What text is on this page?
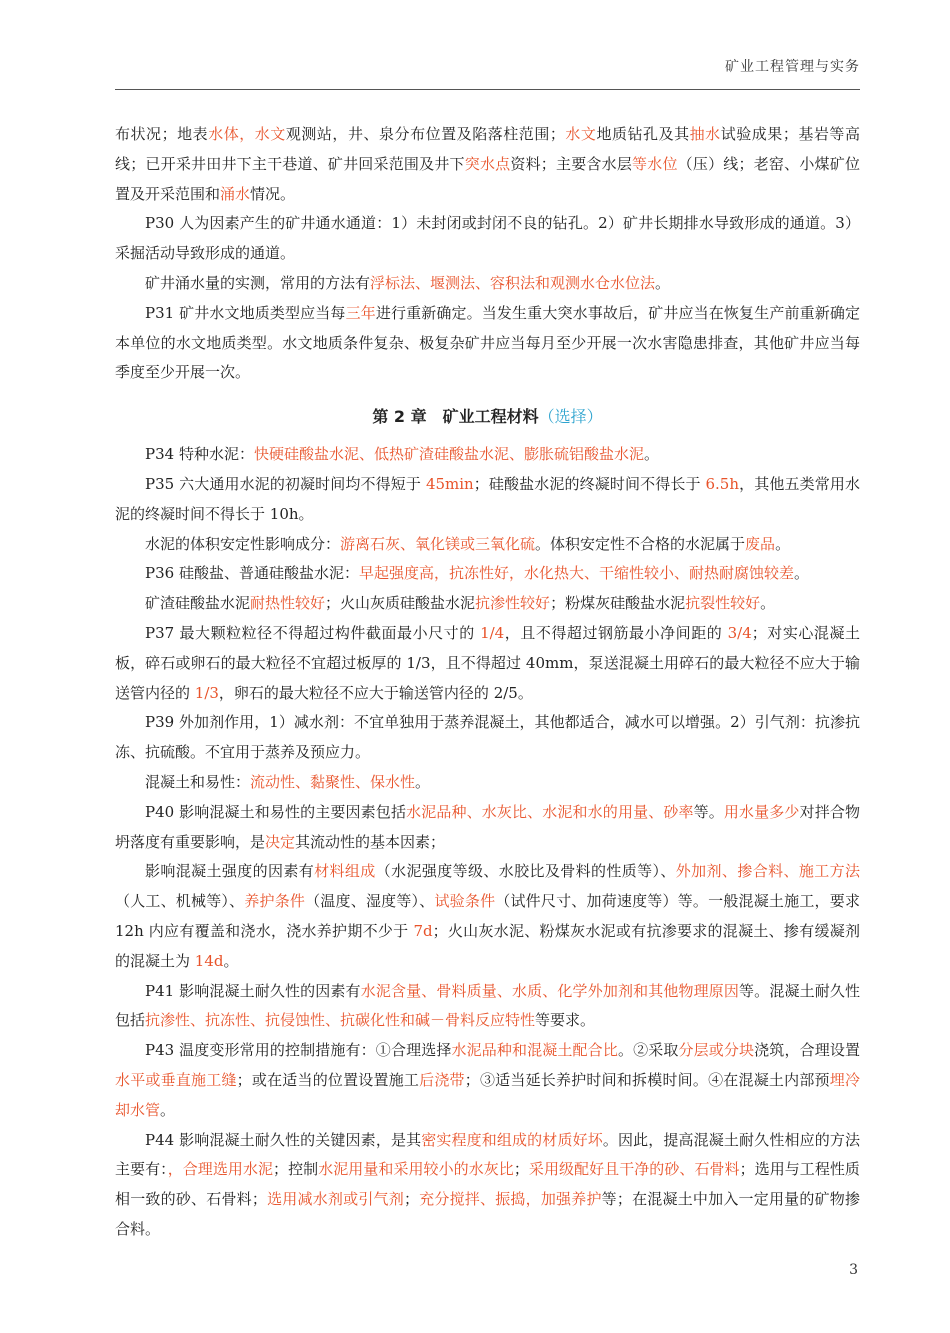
矿业工程管理与实务

布状况；地表水体，水文观测站，井、泉分布位置及陷落柱范围；水文地质钻孔及其抽水试验成果；基岩等高线；已开采井田井下主干巷道、矿井回采范围及井下突水点资料；主要含水层等水位（压）线；老窑、小煤矿位置及开采范围和涌水情况。

P30 人为因素产生的矿井通水通道：1）未封闭或封闭不良的钻孔。2）矿井长期排水导致形成的通道。3）采掘活动导致形成的通道。

矿井涌水量的实测，常用的方法有浮标法、堰测法、容积法和观测水仓水位法。

P31 矿井水文地质类型应当每三年进行重新确定。当发生重大突水事故后，矿井应当在恢复生产前重新确定本单位的水文地质类型。水文地质条件复杂、极复杂矿井应当每月至少开展一次水害隐患排查，其他矿井应当每季度至少开展一次。

第 2 章　矿业工程材料（选择）

P34 特种水泥：快硬硅酸盐水泥、低热矿渣硅酸盐水泥、膨胀硫铝酸盐水泥。

P35 六大通用水泥的初凝时间均不得短于 45min；硅酸盐水泥的终凝时间不得长于 6.5h，其他五类常用水泥的终凝时间不得长于 10h。

水泥的体积安定性影响成分：游离石灰、氧化镁或三氧化硫。体积安定性不合格的水泥属于废品。

P36 硅酸盐、普通硅酸盐水泥：早起强度高，抗冻性好，水化热大、干缩性较小、耐热耐腐蚀较差。

矿渣硅酸盐水泥耐热性较好；火山灰质硅酸盐水泥抗渗性较好；粉煤灰硅酸盐水泥抗裂性较好。

P37 最大颗粒粒径不得超过构件截面最小尺寸的 1/4，且不得超过钢筋最小净间距的 3/4；对实心混凝土板，碎石或卵石的最大粒径不宜超过板厚的 1/3，且不得超过 40mm，泵送混凝土用碎石的最大粒径不应大于输送管内径的 1/3，卵石的最大粒径不应大于输送管内径的 2/5。

P39 外加剂作用，1）减水剂：不宜单独用于蒸养混凝土，其他都适合，减水可以增强。2）引气剂：抗渗抗冻、抗硫酸。不宜用于蒸养及预应力。

混凝土和易性：流动性、黏聚性、保水性。

P40 影响混凝土和易性的主要因素包括水泥品种、水灰比、水泥和水的用量、砂率等。用水量多少对拌合物坍落度有重要影响，是决定其流动性的基本因素；

影响混凝土强度的因素有材料组成（水泥强度等级、水胶比及骨料的性质等）、外加剂、掺合料、施工方法（人工、机械等）、养护条件（温度、湿度等）、试验条件（试件尺寸、加荷速度等）等。一般混凝土施工，要求 12h 内应有覆盖和浇水，浇水养护期不少于 7d；火山灰水泥、粉煤灰水泥或有抗渗要求的混凝土、掺有缓凝剂的混凝土为 14d。

P41 影响混凝土耐久性的因素有水泥含量、骨料质量、水质、化学外加剂和其他物理原因等。混凝土耐久性包括抗渗性、抗冻性、抗侵蚀性、抗碳化性和碱－骨料反应特性等要求。

P43 温度变形常用的控制措施有：①合理选择水泥品种和混凝土配合比。②采取分层或分块浇筑，合理设置水平或垂直施工缝；或在适当的位置设置施工后浇带；③适当延长养护时间和拆模时间。④在混凝土内部预埋冷却水管。

P44 影响混凝土耐久性的关键因素，是其密实程度和组成的材质好坏。因此，提高混凝土耐久性相应的方法主要有：，合理选用水泥；控制水泥用量和采用较小的水灰比；采用级配好且干净的砂、石骨料；选用与工程性质相一致的砂、石骨料；选用减水剂或引气剂；充分搅拌、振捣，加强养护等；在混凝土中加入一定用量的矿物掺合料。

3
